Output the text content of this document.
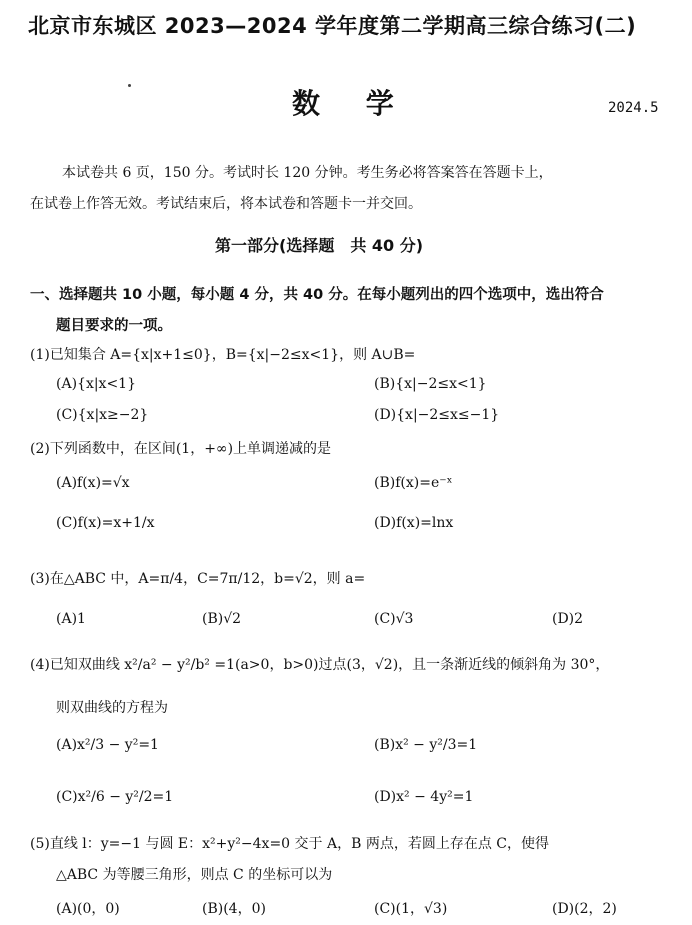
北京市东城区 2023—2024 学年度第二学期高三综合练习(二)
数 学	2024.5
本试卷共 6 页，150 分。考试时长 120 分钟。考生务必将答案答在答题卡上，
在试卷上作答无效。考试结束后，将本试卷和答题卡一并交回。
第一部分(选择题　共 40 分)
一、选择题共 10 小题，每小题 4 分，共 40 分。在每小题列出的四个选项中，选出符合
题目要求的一项。
(1)已知集合 A={x|x+1≤0}，B={x|−2≤x<1}，则 A∪B=
(A){x|x<1}	(B){x|−2≤x<1}
(C){x|x≥−2}	(D){x|−2≤x≤−1}
(2)下列函数中，在区间(1，+∞)上单调递减的是
(A)f(x)=√x	(B)f(x)=e⁻ˣ
(C)f(x)=x+1/x	(D)f(x)=lnx
(3)在△ABC 中，A=π/4，C=7π/12，b=√2，则 a=
(A)1	(B)√2	(C)√3	(D)2
(4)已知双曲线 x²/a² − y²/b² =1(a>0，b>0)过点(3，√2)，且一条渐近线的倾斜角为 30°，
则双曲线的方程为
(A)x²/3 − y²=1	(B)x² − y²/3=1
(C)x²/6 − y²/2=1	(D)x² − 4y²=1
(5)直线 l：y=−1 与圆 E：x²+y²−4x=0 交于 A，B 两点，若圆上存在点 C，使得
△ABC 为等腰三角形，则点 C 的坐标可以为
(A)(0，0)	(B)(4，0)	(C)(1，√3)	(D)(2，2)
